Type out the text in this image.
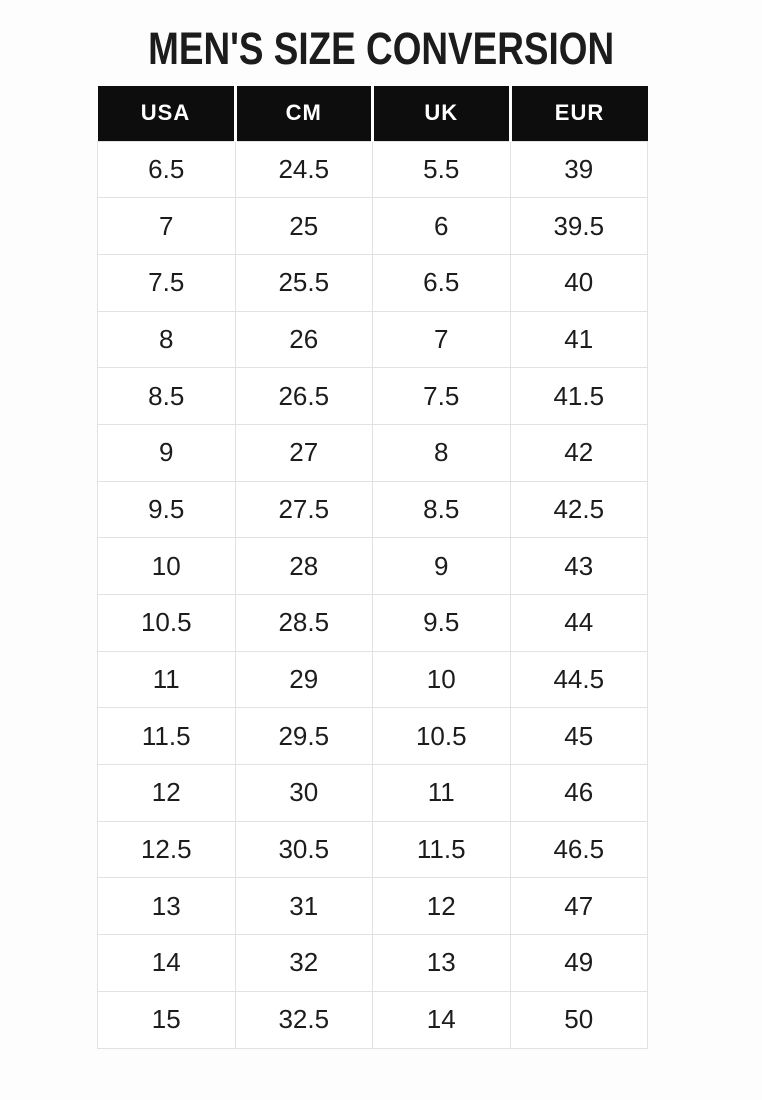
MEN'S SIZE CONVERSION
USA	CM	UK	EUR
6.5	24.5	5.5	39
7	25	6	39.5
7.5	25.5	6.5	40
8	26	7	41
8.5	26.5	7.5	41.5
9	27	8	42
9.5	27.5	8.5	42.5
10	28	9	43
10.5	28.5	9.5	44
11	29	10	44.5
11.5	29.5	10.5	45
12	30	11	46
12.5	30.5	11.5	46.5
13	31	12	47
14	32	13	49
15	32.5	14	50
